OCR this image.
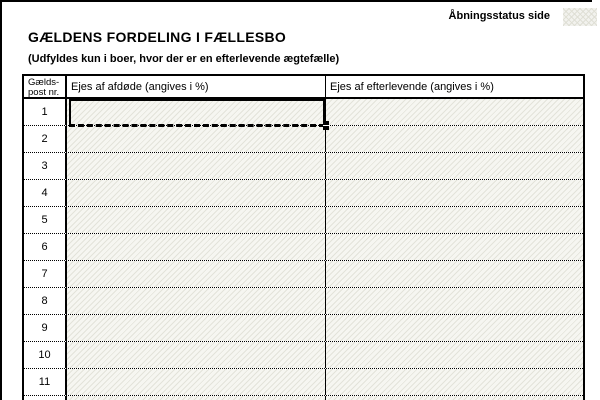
Åbningsstatus side
GÆLDENS FORDELING I FÆLLESBO
(Udfyldes kun i boer, hvor der er en efterlevende ægtefælle)
Gælds-
post nr.	Ejes af afdøde (angives i %)	Ejes af efterlevende (angives i %)
1
2
3
4
5
6
7
8
9
10
11
